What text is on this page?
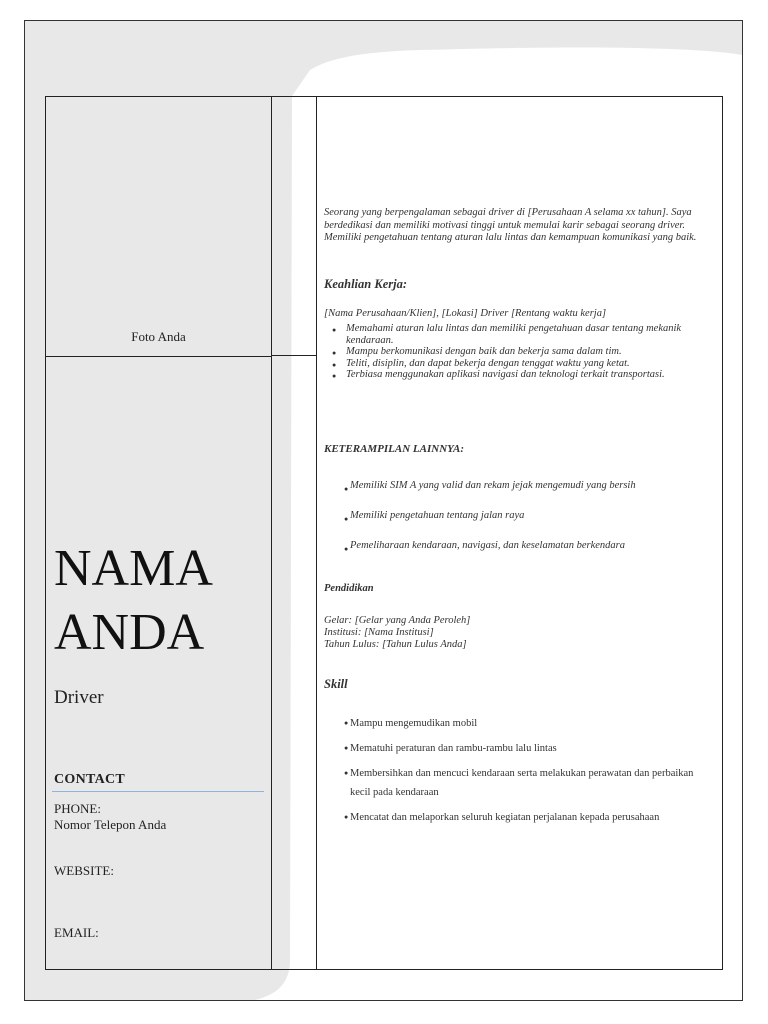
Foto Anda
NAMA
ANDA
Driver
CONTACT
PHONE:
Nomor Telepon Anda
WEBSITE:
EMAIL:
Seorang yang berpengalaman sebagai driver di [Perusahaan A selama xx tahun]. Saya berdedikasi dan memiliki motivasi tinggi untuk memulai karir sebagai seorang driver. Memiliki pengetahuan tentang aturan lalu lintas dan kemampuan komunikasi yang baik.
Keahlian Kerja:
[Nama Perusahaan/Klien], [Lokasi] Driver [Rentang waktu kerja]
● Memahami aturan lalu lintas dan memiliki pengetahuan dasar tentang mekanik kendaraan.
● Mampu berkomunikasi dengan baik dan bekerja sama dalam tim.
● Teliti, disiplin, dan dapat bekerja dengan tenggat waktu yang ketat.
● Terbiasa menggunakan aplikasi navigasi dan teknologi terkait transportasi.
KETERAMPILAN LAINNYA:
● Memiliki SIM A yang valid dan rekam jejak mengemudi yang bersih
● Memiliki pengetahuan tentang jalan raya
● Pemeliharaan kendaraan, navigasi, dan keselamatan berkendara
Pendidikan
Gelar: [Gelar yang Anda Peroleh]
Institusi: [Nama Institusi]
Tahun Lulus: [Tahun Lulus Anda]
Skill
● Mampu mengemudikan mobil
● Mematuhi peraturan dan rambu-rambu lalu lintas
● Membersihkan dan mencuci kendaraan serta melakukan perawatan dan perbaikan kecil pada kendaraan
● Mencatat dan melaporkan seluruh kegiatan perjalanan kepada perusahaan
